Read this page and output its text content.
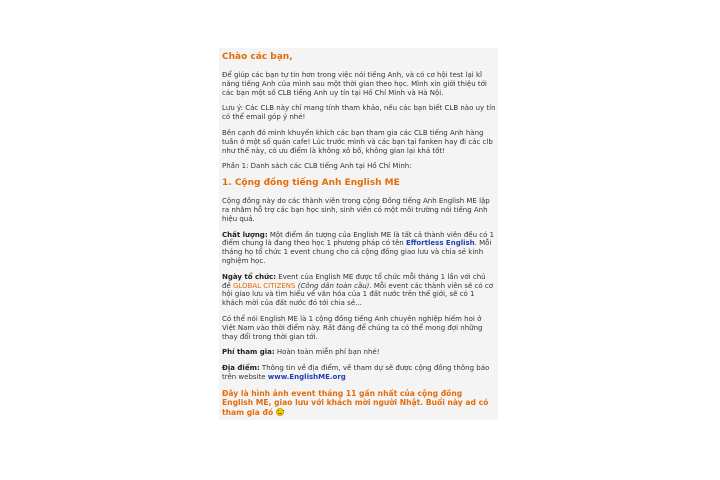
Chào các bạn,

Để giúp các bạn tự tin hơn trong việc nói tiếng Anh, và có cơ hội test lại kĩ năng tiếng Anh của mình sau một thời gian theo học. Mình xin giới thiệu tới các bạn một số CLB tiếng Anh uy tín tại Hồ Chí Minh và Hà Nội.

Lưu ý: Các CLB này chỉ mang tính tham khảo, nếu các bạn biết CLB nào uy tín có thể email góp ý nhé!

Bên cạnh đó mình khuyến khích các bạn tham gia các CLB tiếng Anh hàng tuần ở một số quán cafe! Lúc trước mình và các bạn tại fanken hay đi các clb như thế này, có ưu điểm là không xô bồ, không gian lại khá tốt!

Phần 1: Danh sách các CLB tiếng Anh tại Hồ Chí Minh:

1. Cộng đồng tiếng Anh English ME

Cộng đồng này do các thành viên trong cộng Đồng tiếng Anh English ME lập ra nhằm hỗ trợ các bạn học sinh, sinh viên có một môi trường nói tiếng Anh hiệu quả.

Chất lượng: Một điểm ấn tượng của English ME là tất cả thành viên đều có 1 điểm chung là đang theo học 1 phương pháp có tên Effortless English. Mỗi tháng họ tổ chức 1 event chung cho cả cộng đồng giao lưu và chia sẻ kinh nghiệm học.

Ngày tổ chức: Event của English ME được tổ chức mỗi tháng 1 lần với chủ đề GLOBAL CITIZENS (Công dân toàn cầu). Mỗi event các thành viên sẽ có cơ hội giao lưu và tìm hiểu về văn hóa của 1 đất nước trên thế giới, sẽ có 1 khách mời của đất nước đó tới chia sẻ...

Có thể nói English ME là 1 cộng đồng tiếng Anh chuyên nghiệp hiếm hoi ở Việt Nam vào thời điểm này. Rất đáng để chúng ta có thể mong đợi những thay đổi trong thời gian tới.

Phí tham gia: Hoàn toàn miễn phí bạn nhé!

Địa điểm: Thông tin về địa điểm, về tham dự sẽ được cộng đồng thông báo trên website www.EnglishME.org

Đây là hình ảnh event tháng 11 gần nhất của cộng đồng English ME, giao lưu với khách mời người Nhật. Buổi này ad có tham gia đó
